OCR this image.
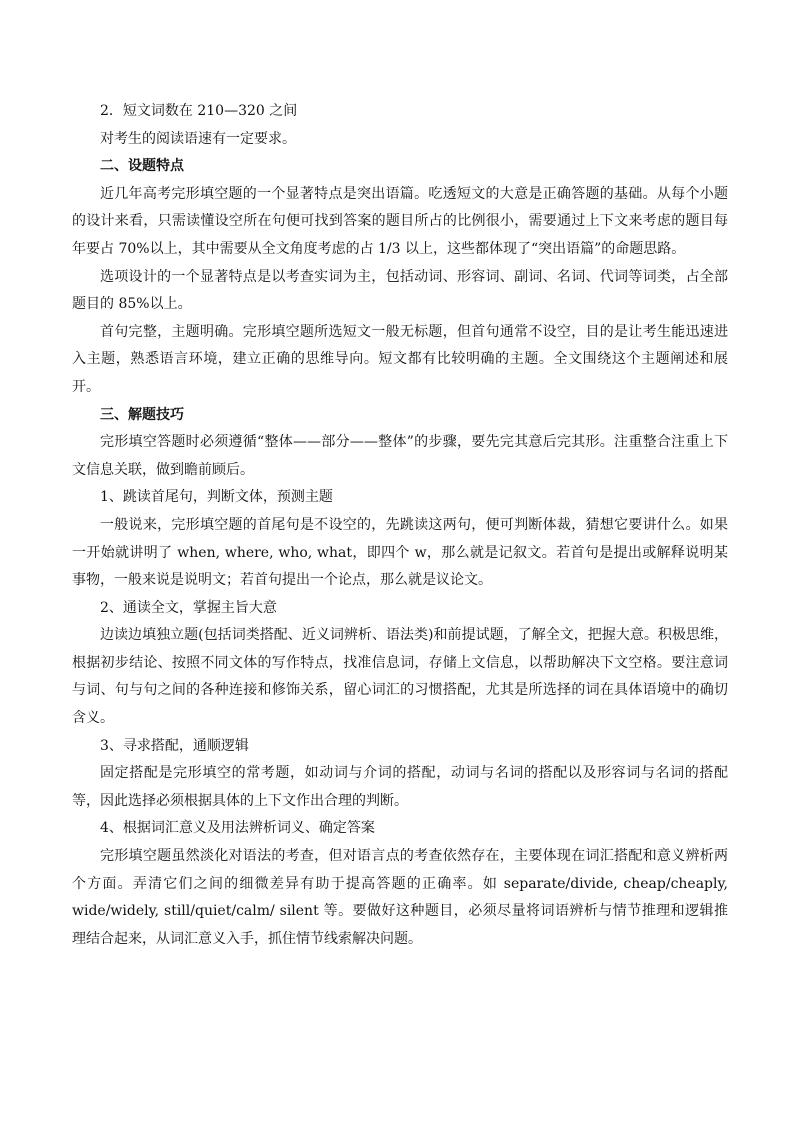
2．短文词数在 210—320 之间

对考生的阅读语速有一定要求。

二、设题特点

近几年高考完形填空题的一个显著特点是突出语篇。吃透短文的大意是正确答题的基础。从每个小题的设计来看，只需读懂设空所在句便可找到答案的题目所占的比例很小，需要通过上下文来考虑的题目每年要占 70%以上，其中需要从全文角度考虑的占 1/3 以上，这些都体现了“突出语篇”的命题思路。

选项设计的一个显著特点是以考查实词为主，包括动词、形容词、副词、名词、代词等词类，占全部题目的 85%以上。

首句完整，主题明确。完形填空题所选短文一般无标题，但首句通常不设空，目的是让考生能迅速进入主题，熟悉语言环境，建立正确的思维导向。短文都有比较明确的主题。全文围绕这个主题阐述和展开。

三、解题技巧

完形填空答题时必须遵循“整体——部分——整体”的步骤，要先完其意后完其形。注重整合注重上下文信息关联，做到瞻前顾后。

1、跳读首尾句，判断文体，预测主题

一般说来，完形填空题的首尾句是不设空的，先跳读这两句，便可判断体裁，猜想它要讲什么。如果一开始就讲明了 when, where, who, what，即四个 w，那么就是记叙文。若首句是提出或解释说明某事物，一般来说是说明文；若首句提出一个论点，那么就是议论文。

2、通读全文，掌握主旨大意

边读边填独立题(包括词类搭配、近义词辨析、语法类)和前提试题，了解全文，把握大意。积极思维，根据初步结论、按照不同文体的写作特点，找准信息词，存储上文信息，以帮助解决下文空格。要注意词与词、句与句之间的各种连接和修饰关系，留心词汇的习惯搭配，尤其是所选择的词在具体语境中的确切含义。

3、寻求搭配，通顺逻辑

固定搭配是完形填空的常考题，如动词与介词的搭配，动词与名词的搭配以及形容词与名词的搭配等，因此选择必须根据具体的上下文作出合理的判断。

4、根据词汇意义及用法辨析词义、确定答案

完形填空题虽然淡化对语法的考查，但对语言点的考查依然存在，主要体现在词汇搭配和意义辨析两个方面。弄清它们之间的细微差异有助于提高答题的正确率。如 separate/divide, cheap/cheaply, wide/widely, still/quiet/calm/ silent 等。要做好这种题目，必须尽量将词语辨析与情节推理和逻辑推理结合起来，从词汇意义入手，抓住情节线索解决问题。
